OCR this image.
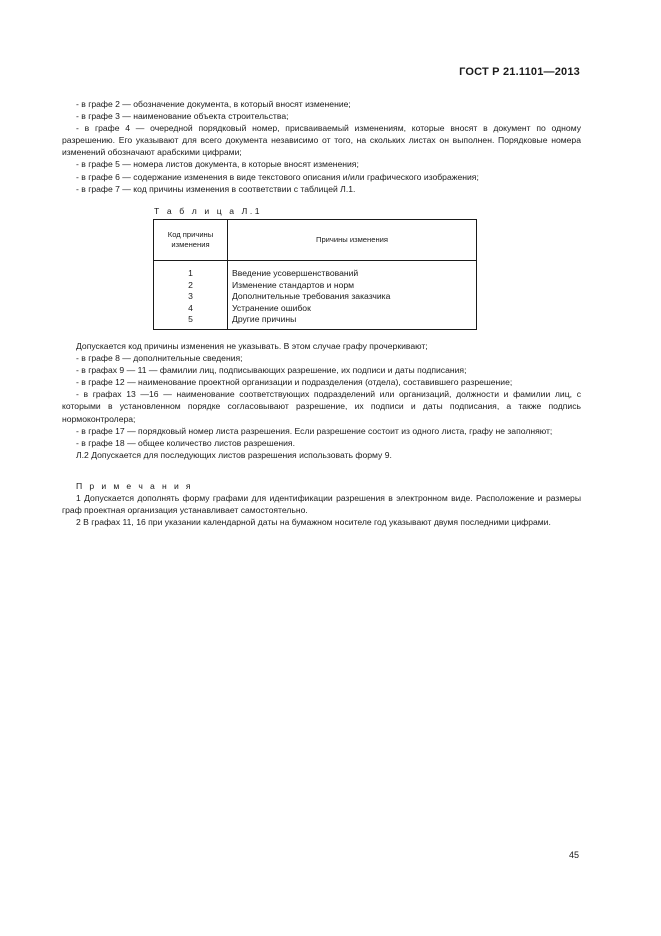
ГОСТ Р 21.1101—2013

- в графе 2 — обозначение документа, в который вносят изменение;

- в графе 3 — наименование объекта строительства;

- в графе 4 — очередной порядковый номер, присваиваемый изменениям, которые вносят в документ по одному разрешению. Его указывают для всего документа независимо от того, на скольких листах он выполнен. Порядковые номера изменений обозначают арабскими цифрами;

- в графе 5 — номера листов документа, в которые вносят изменения;

- в графе 6 — содержание изменения в виде текстового описания и/или графического изображения;

- в графе 7 — код причины изменения в соответствии с таблицей Л.1.

Т а б л и ц а Л.1
Код причины изменения	Причины изменения
1	Введение усовершенствований
2	Изменение стандартов и норм
3	Дополнительные требования заказчика
4	Устранение ошибок
5	Другие причины

Допускается код причины изменения не указывать. В этом случае графу прочеркивают;

- в графе 8 — дополнительные сведения;

- в графах 9 — 11 — фамилии лиц, подписывающих разрешение, их подписи и даты подписания;

- в графе 12 — наименование проектной организации и подразделения (отдела), составившего разрешение;

- в графах 13 —16 — наименование соответствующих подразделений или организаций, должности и фамилии лиц, с которыми в установленном порядке согласовывают разрешение, их подписи и даты подписания, а также подпись нормоконтролера;

- в графе 17 — порядковый номер листа разрешения. Если разрешение состоит из одного листа, графу не заполняют;

- в графе 18 — общее количество листов разрешения.

Л.2 Допускается для последующих листов разрешения использовать форму 9.

П р и м е ч а н и я

1 Допускается дополнять форму графами для идентификации разрешения в электронном виде. Расположение и размеры граф проектная организация устанавливает самостоятельно.

2 В графах 11, 16 при указании календарной даты на бумажном носителе год указывают двумя последними цифрами.

45
